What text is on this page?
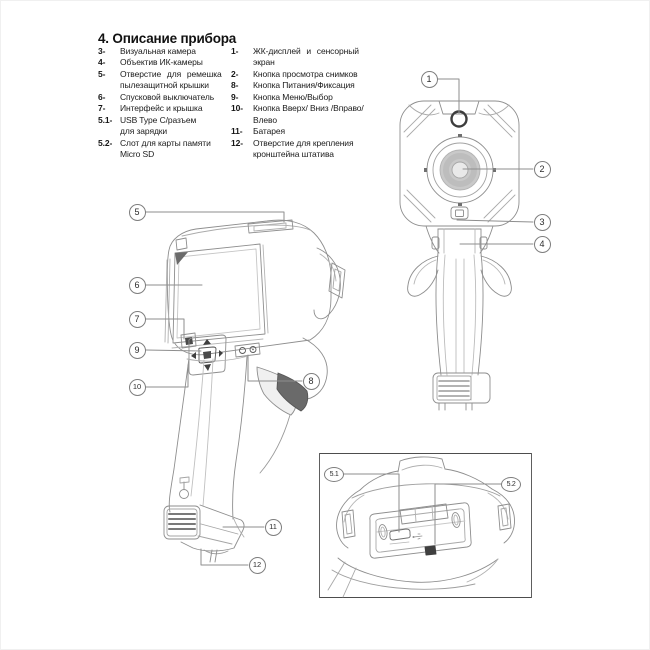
4. Описание прибора
3-	Визуальная камера
4-	Объектив ИК-камеры
5-	Отверстие для ремешка
пылезащитной крышки
6-	Спусковой выключатель
7-	Интерфейс и крышка
5.1- USB Type C/разъем
для зарядки
5.2- Слот для карты памяти
Micro SD
1-	ЖК-дисплей и сенсорный
экран
2-	Кнопка просмотра снимков
8-	Кнопка Питания/Фиксация
9-	Кнопка Меню/Выбор
10-	Кнопка Вверх/ Вниз /Вправо/
Влево
11-	Батарея
12-	Отверстие для крепления
кронштейна штатива
1
2
3
4
5
6
7
8
9
10
11
12
5.1
5.2
